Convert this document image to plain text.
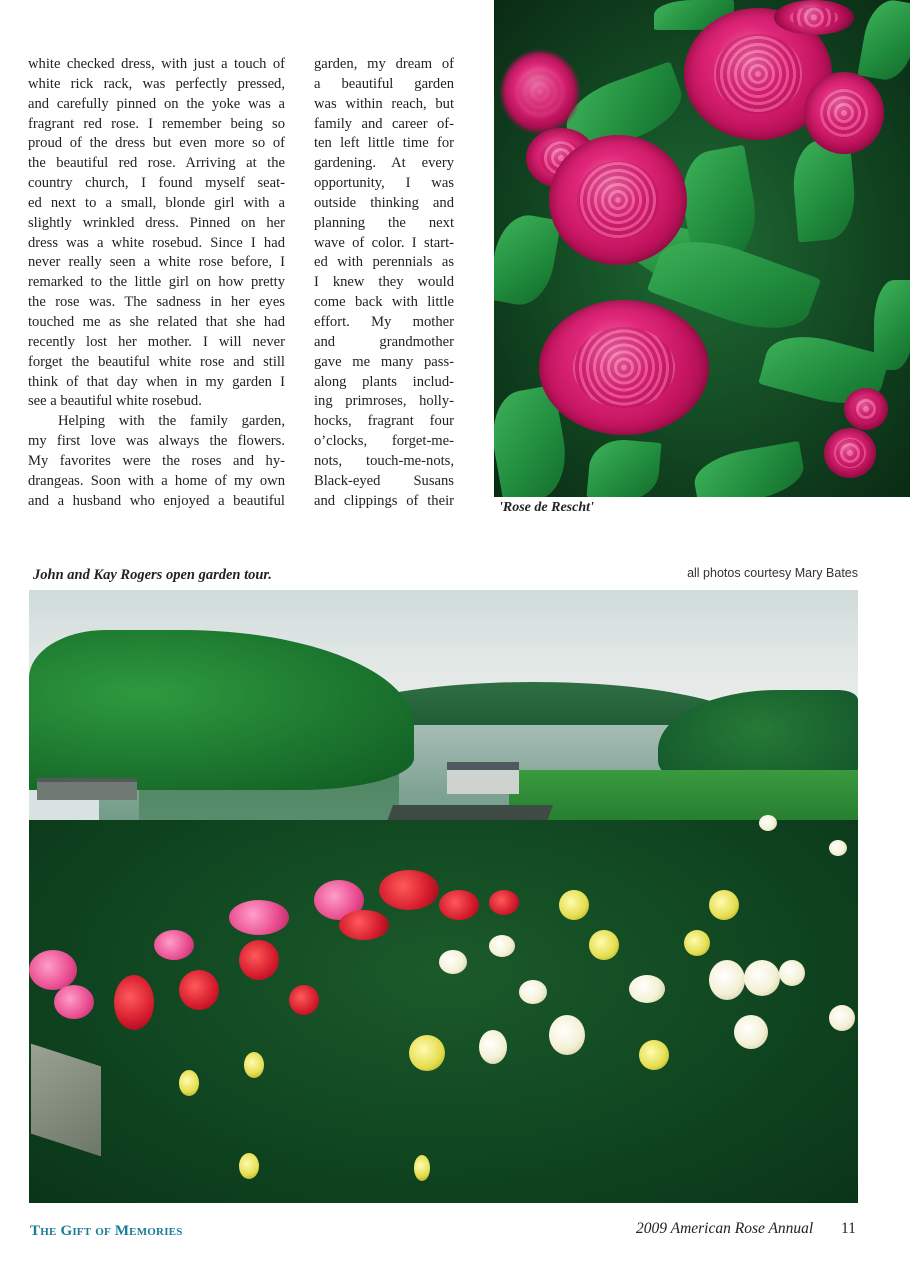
white checked dress, with just a touch of
white rick rack, was perfectly pressed,
and carefully pinned on the yoke was a
fragrant red rose. I remember being so
proud of the dress but even more so of
the beautiful red rose. Arriving at the
country church, I found myself seat-
ed next to a small, blonde girl with a
slightly wrinkled dress. Pinned on her
dress was a white rosebud. Since I had
never really seen a white rose before, I
remarked to the little girl on how pretty
the rose was. The sadness in her eyes
touched me as she related that she had
recently lost her mother. I will never
forget the beautiful white rose and still
think of that day when in my garden I
see a beautiful white rosebud.

Helping with the family garden,
my first love was always the flowers.
My favorites were the roses and hy-
drangeas. Soon with a home of my own
and a husband who enjoyed a beautiful

garden, my dream of
a beautiful garden
was within reach, but
family and career of-
ten left little time for
gardening. At every
opportunity, I was
outside thinking and
planning the next
wave of color. I start-
ed with perennials as
I knew they would
come back with little
effort. My mother
and grandmother
gave me many pass-
along plants includ-
ing primroses, holly-
hocks, fragrant four
o’clocks, forget-me-
nots, touch-me-nots,
Black-eyed Susans
and clippings of their	'Rose de Rescht'
John and Kay Rogers open garden tour.	all photos courtesy Mary Bates
The Gift of Memories	2009 American Rose Annual 11
